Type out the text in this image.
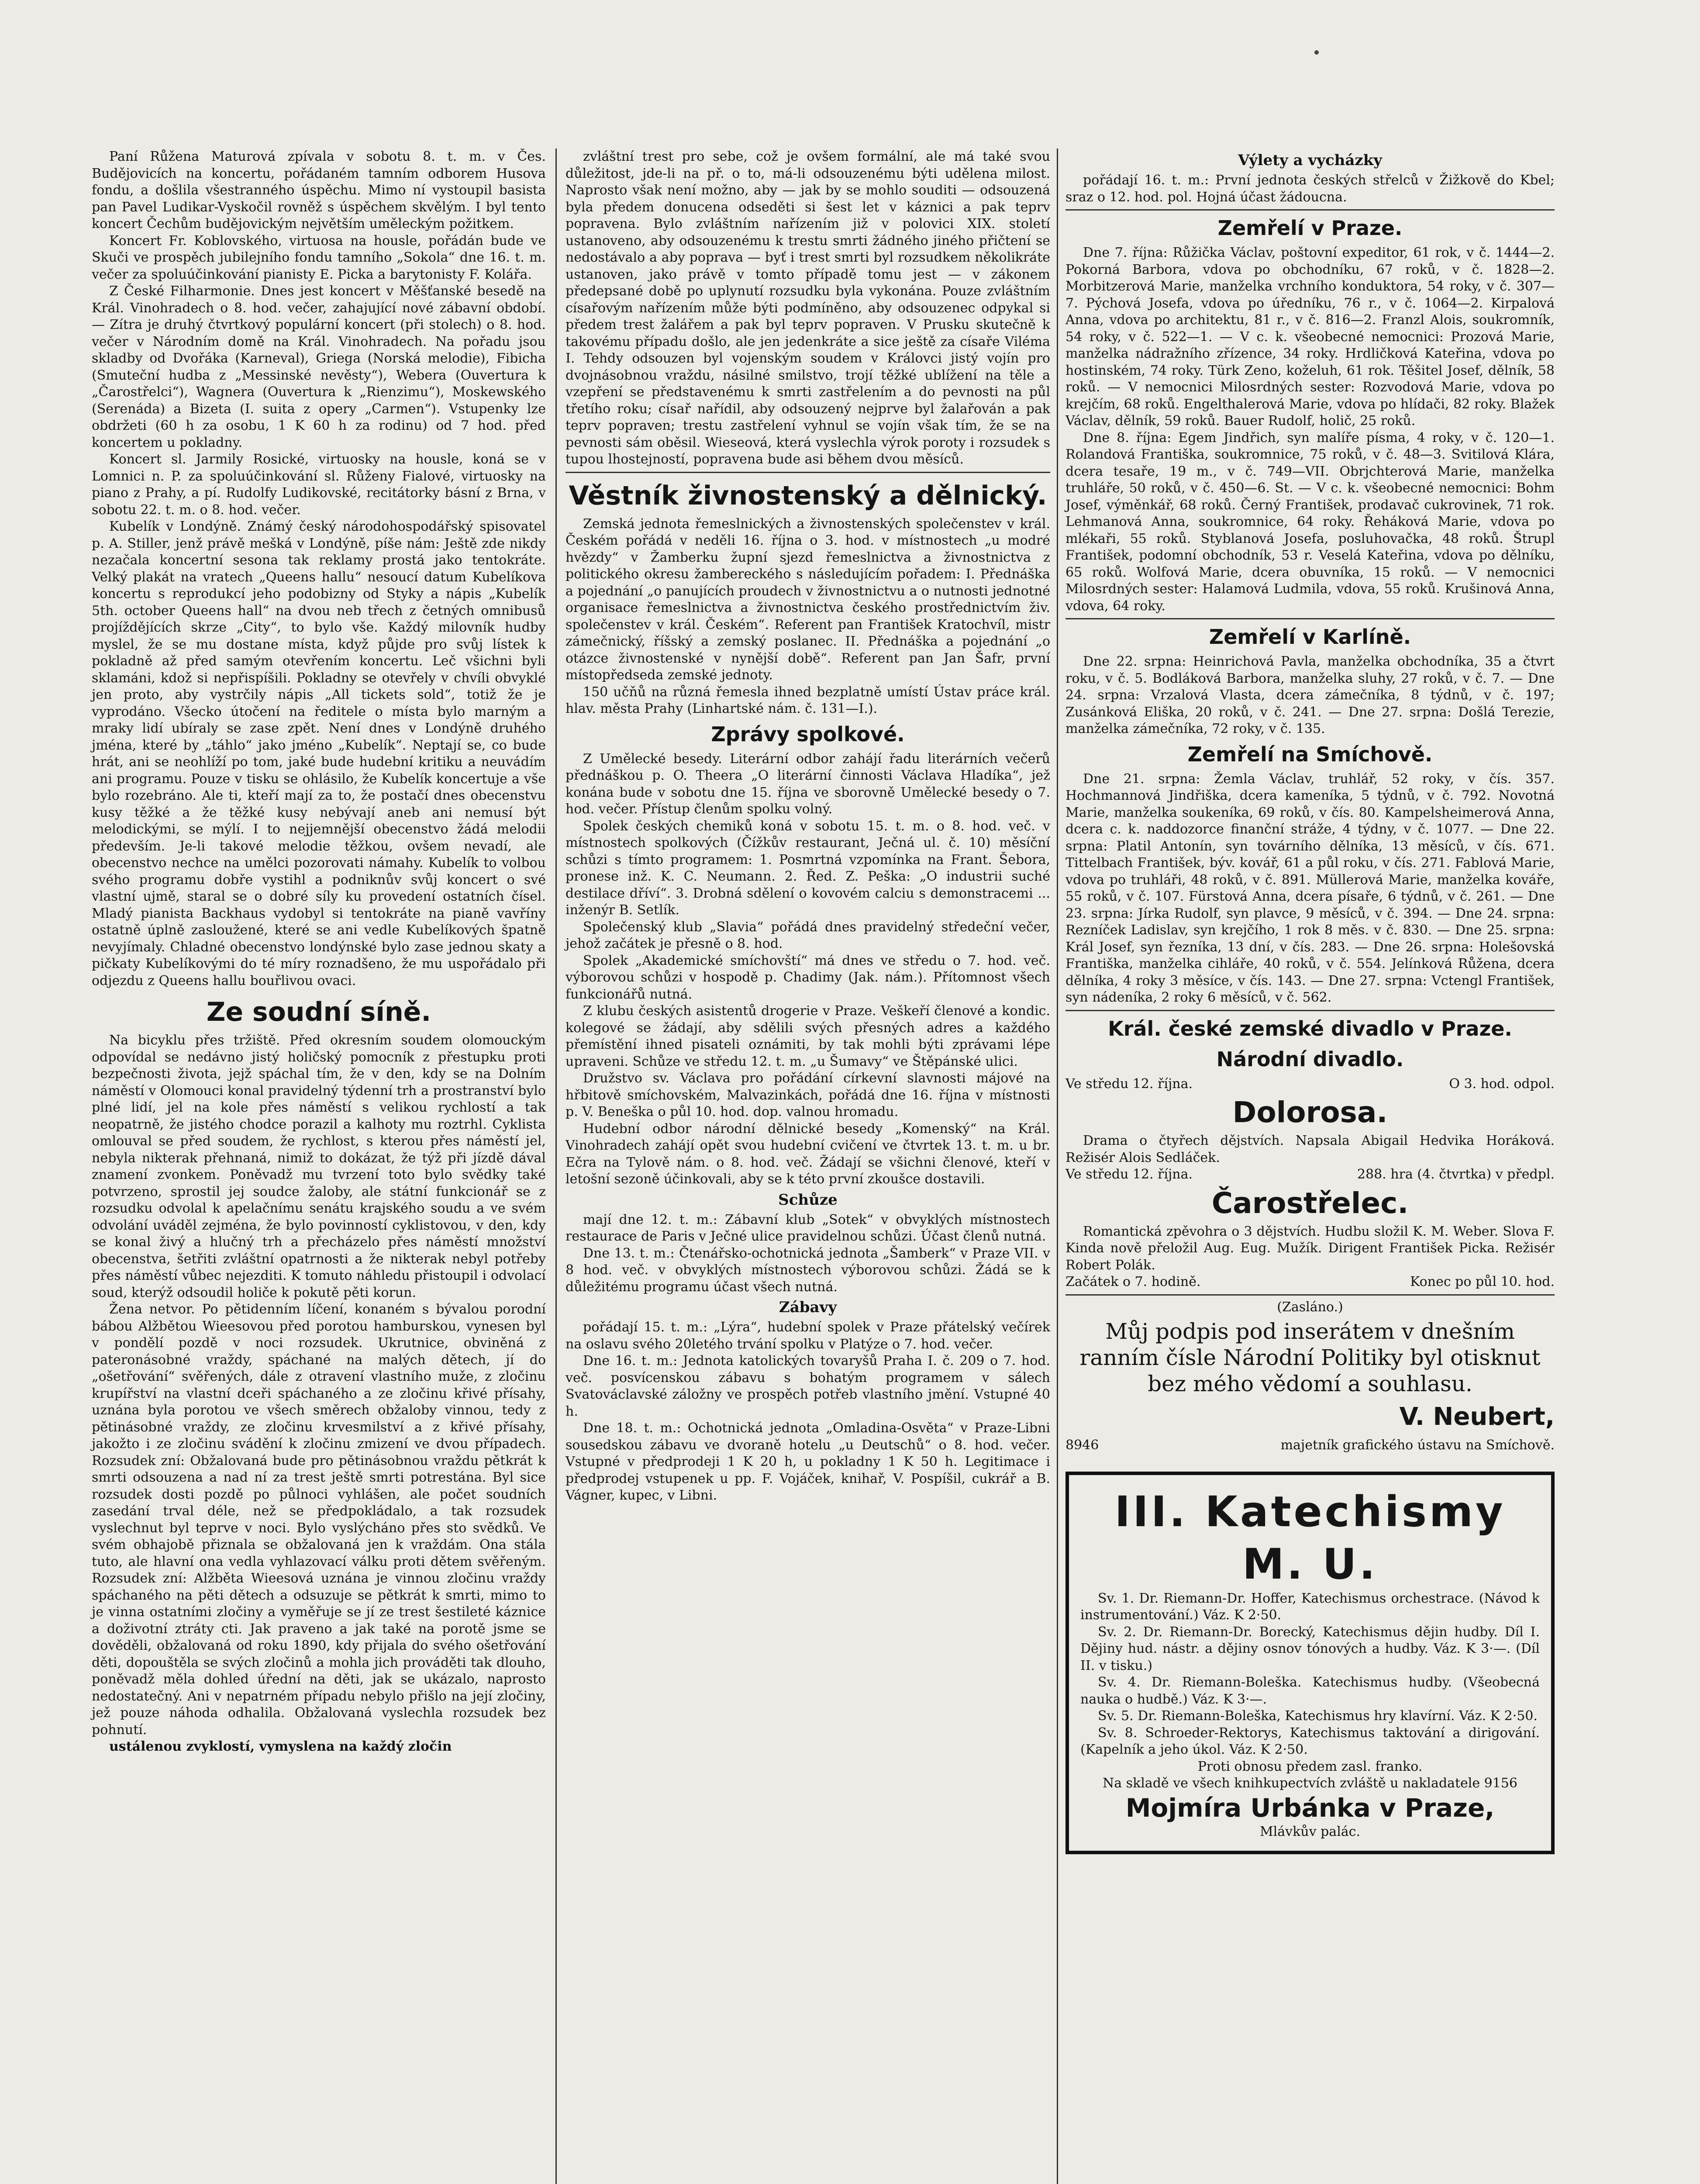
Paní Růžena Maturová zpívala v sobotu 8. t. m. v Čes. Budějovicích na koncertu, pořádaném tamním odborem Husova fondu, a došlila všestranného úspěchu. Mimo ní vystoupil basista pan Pavel Ludikar-Vyskočil rovněž s úspěchem skvělým. I byl tento koncert Čechům budějovickým největším uměleckým požitkem.

Koncert Fr. Koblovského, virtuosa na housle, pořádán bude ve Skuči ve prospěch jubilejního fondu tamního „Sokola“ dne 16. t. m. večer za spoluúčinkování pianisty E. Picka a barytonisty F. Kolářa.

Z České Filharmonie. Dnes jest koncert v Měšťanské besedě na Král. Vinohradech o 8. hod. večer, zahajující nové zábavní období. — Zítra je druhý čtvrtkový populární koncert (při stolech) o 8. hod. večer v Národním domě na Král. Vinohradech. Na pořadu jsou skladby od Dvořáka (Karneval), Griega (Norská melodie), Fibicha (Smuteční hudba z „Messinské nevěsty“), Webera (Ouvertura k „Čarostřelci“), Wagnera (Ouvertura k „Rienzimu“), Moskewského (Serenáda) a Bizeta (I. suita z opery „Carmen“). Vstupenky lze obdržeti (60 h za osobu, 1 K 60 h za rodinu) od 7 hod. před koncertem u pokladny.

Koncert sl. Jarmily Rosické, virtuosky na housle, koná se v Lomnici n. P. za spoluúčinkování sl. Růženy Fialové, virtuosky na piano z Prahy, a pí. Rudolfy Ludikovské, recitátorky básní z Brna, v sobotu 22. t. m. o 8. hod. večer.

Kubelík v Londýně. Známý český národohospodářský spisovatel p. A. Stiller, jenž právě mešká v Londýně, píše nám: Ještě zde nikdy nezačala koncertní sesona tak reklamy prostá jako tentokráte. Velký plakát na vratech „Queens hallu“ nesoucí datum Kubelíkova koncertu s reprodukcí jeho podobizny od Styky a nápis „Kubelík 5th. october Queens hall“ na dvou neb třech z četných omnibusů projíždějících skrze „City“, to bylo vše. Každý milovník hudby myslel, že se mu dostane místa, když půjde pro svůj lístek k pokladně až před samým otevřením koncertu. Leč všichni byli sklamáni, kdož si nepřispíšili. Pokladny se otevřely v chvíli obvyklé jen proto, aby vystrčily nápis „All tickets sold“, totiž že je vyprodáno. Všecko útočení na ředitele o místa bylo marným a mraky lidí ubíraly se zase zpět. Není dnes v Londýně druhého jména, které by „táhlo“ jako jméno „Kubelík“. Neptají se, co bude hrát, ani se neohlíží po tom, jaké bude hudební kritiku a neuvádím ani programu. Pouze v tisku se ohlásilo, že Kubelík koncertuje a vše bylo rozebráno. Ale ti, kteří mají za to, že postačí dnes obecenstvu kusy těžké a že těžké kusy nebývají aneb ani nemusí být melodickými, se mýlí. I to nejjemnější obecenstvo žádá melodii především. Je-li takové melodie těžkou, ovšem nevadí, ale obecenstvo nechce na umělci pozorovati námahy. Kubelík to volbou svého programu dobře vystihl a podniknův svůj koncert o své vlastní ujmě, staral se o dobré síly ku provedení ostatních čísel. Mladý pianista Backhaus vydobyl si tentokráte na pianě vavříny ostatně úplně zasloužené, které se ani vedle Kubelíkových špatně nevyjímaly. Chladné obecenstvo londýnské bylo zase jednou skaty a pičkaty Kubelíkovými do té míry roznadšeno, že mu uspořádalo při odjezdu z Queens hallu bouřlivou ovaci.

Ze soudní síně.

Na bicyklu přes tržiště. Před okresním soudem olomouckým odpovídal se nedávno jistý holičský pomocník z přestupku proti bezpečnosti života, jejž spáchal tím, že v den, kdy se na Dolním náměstí v Olomouci konal pravidelný týdenní trh a prostranství bylo plné lidí, jel na kole přes náměstí s velikou rychlostí a tak neopatrně, že jistého chodce porazil a kalhoty mu roztrhl. Cyklista omlouval se před soudem, že rychlost, s kterou přes náměstí jel, nebyla nikterak přehnaná, nimiž to dokázat, že týž při jízdě dával znamení zvonkem. Poněvadž mu tvrzení toto bylo svědky také potvrzeno, sprostil jej soudce žaloby, ale státní funkcionář se z rozsudku odvolal k apelačnímu senátu krajského soudu a ve svém odvolání uváděl zejména, že bylo povinností cyklistovou, v den, kdy se konal živý a hlučný trh a přecházelo přes náměstí množství obecenstva, šetřiti zvláštní opatrnosti a že nikterak nebyl potřeby přes náměstí vůbec nejezditi. K tomuto náhledu přistoupil i odvolací soud, kterýž odsoudil holiče k pokutě pěti korun.

Žena netvor. Po pětidenním líčení, konaném s bývalou porodní bábou Alžbětou Wieesovou před porotou hamburskou, vynesen byl v pondělí pozdě v noci rozsudek. Ukrutnice, obviněná z pateronásobné vraždy, spáchané na malých dětech, jí do „ošetřování“ svěřených, dále z otravení vlastního muže, z zločinu krupířství na vlastní dceři spáchaného a ze zločinu křivé přísahy, uznána byla porotou ve všech směrech obžaloby vinnou, tedy z pětinásobné vraždy, ze zločinu krvesmilství a z křivé přísahy, jakožto i ze zločinu svádění k zločinu zmizení ve dvou případech. Rozsudek zní: Obžalovaná bude pro pětinásobnou vraždu pětkrát k smrti odsouzena a nad ní za trest ještě smrti potrestána. Byl sice rozsudek dosti pozdě po půlnoci vyhlášen, ale počet soudních zasedání trval déle, než se předpokládalo, a tak rozsudek vyslechnut byl teprve v noci. Bylo vyslýcháno přes sto svědků. Ve svém obhajobě přiznala se obžalovaná jen k vraždám. Ona stála tuto, ale hlavní ona vedla vyhlazovací válku proti dětem svěřeným. Rozsudek zní: Alžběta Wieesová uznána je vinnou zločinu vraždy spáchaného na pěti dětech a odsuzuje se pětkrát k smrti, mimo to je vinna ostatními zločiny a vyměřuje se jí ze trest šestileté káznice a doživotní ztráty cti. Jak praveno a jak také na porotě jsme se dověděli, obžalovaná od roku 1890, kdy přijala do svého ošetřování děti, dopouštěla se svých zločinů a mohla jich prováděti tak dlouho, poněvadž měla dohled úřední na děti, jak se ukázalo, naprosto nedostatečný. Ani v nepatrném případu nebylo přišlo na její zločiny, jež pouze náhoda odhalila. Obžalovaná vyslechla rozsudek bez pohnutí.

ustálenou zvyklostí, vymyslena na každý zločin

zvláštní trest pro sebe, což je ovšem formální, ale má také svou důležitost, jde-li na př. o to, má-li odsouzenému býti udělena milost. Naprosto však není možno, aby — jak by se mohlo souditi — odsouzená byla předem donucena odseděti si šest let v káznici a pak teprv popravena. Bylo zvláštním nařízením již v polovici XIX. století ustanoveno, aby odsouzenému k trestu smrti žádného jiného přičtení se nedostávalo a aby poprava — byť i trest smrti byl rozsudkem několikráte ustanoven, jako právě v tomto případě tomu jest — v zákonem předepsané době po uplynutí rozsudku byla vykonána. Pouze zvláštním císařovým nařízením může býti podmíněno, aby odsouzenec odpykal si předem trest žalářem a pak byl teprv popraven. V Prusku skutečně k takovému případu došlo, ale jen jedenkráte a sice ještě za císaře Viléma I. Tehdy odsouzen byl vojenským soudem v Královci jistý vojín pro dvojnásobnou vraždu, násilné smilstvo, trojí těžké ublížení na těle a vzepření se představenému k smrti zastřelením a do pevnosti na půl třetího roku; císař nařídil, aby odsouzený nejprve byl žalařován a pak teprv popraven; trestu zastřelení vyhnul se vojín však tím, že se na pevnosti sám oběsil. Wieseová, která vyslechla výrok poroty i rozsudek s tupou lhostejností, popravena bude asi během dvou měsíců.

Věstník živnostenský a dělnický.

Zemská jednota řemeslnických a živnostenských společenstev v král. Českém pořádá v neděli 16. října o 3. hod. v místnostech „u modré hvězdy“ v Žamberku župní sjezd řemeslnictva a živnostnictva z politického okresu žambereckého s následujícím pořadem: I. Přednáška a pojednání „o panujících proudech v živnostnictvu a o nutnosti jednotné organisace řemeslnictva a živnostnictva českého prostřednictvím živ. společenstev v král. Českém“. Referent pan František Kratochvíl, mistr zámečnický, říšský a zemský poslanec. II. Přednáška a pojednání „o otázce živnostenské v nynější době“. Referent pan Jan Šafr, první místopředseda zemské jednoty.

150 učňů na různá řemesla ihned bezplatně umístí Ústav práce král. hlav. města Prahy (Linhartské nám. č. 131—I.).

Zprávy spolkové.

Z Umělecké besedy. Literární odbor zahájí řadu literárních večerů přednáškou p. O. Theera „O literární činnosti Václava Hladíka“, jež konána bude v sobotu dne 15. října ve sborovně Umělecké besedy o 7. hod. večer. Přístup členům spolku volný.

Spolek českých chemiků koná v sobotu 15. t. m. o 8. hod. več. v místnostech spolkových (Čížkův restaurant, Ječná ul. č. 10) měsíční schůzi s tímto programem: 1. Posmrtná vzpomínka na Frant. Šebora, pronese inž. K. C. Neumann. 2. Řed. Z. Peška: „O industrii suché destilace dříví“. 3. Drobná sdělení o kovovém calciu s demonstracemi ... inženýr B. Setlík.

Společenský klub „Slavia“ pořádá dnes pravidelný středeční večer, jehož začátek je přesně o 8. hod.

Spolek „Akademické smíchovští“ má dnes ve středu o 7. hod. več. výborovou schůzi v hospodě p. Chadimy (Jak. nám.). Přítomnost všech funkcionářů nutná.

Z klubu českých asistentů drogerie v Praze. Veškeří členové a kondic. kolegové se žádají, aby sdělili svých přesných adres a každého přemístění ihned pisateli oznámiti, by tak mohli býti zprávami lépe upraveni. Schůze ve středu 12. t. m. „u Šumavy“ ve Štěpánské ulici.

Družstvo sv. Václava pro pořádání církevní slavnosti májové na hřbitově smíchovském, Malvazinkách, pořádá dne 16. října v místnosti p. V. Beneška o půl 10. hod. dop. valnou hromadu.

Hudební odbor národní dělnické besedy „Komenský“ na Král. Vinohradech zahájí opět svou hudební cvičení ve čtvrtek 13. t. m. u br. Ečra na Tylově nám. o 8. hod. več. Žádají se všichni členové, kteří v letošní sezoně účinkovali, aby se k této první zkoušce dostavili.

Schůze

mají dne 12. t. m.: Zábavní klub „Sotek“ v obvyklých místnostech restaurace de Paris v Ječné ulice pravidelnou schůzi. Účast členů nutná.

Dne 13. t. m.: Čtenářsko-ochotnická jednota „Šamberk“ v Praze VII. v 8 hod. več. v obvyklých místnostech výborovou schůzi. Žádá se k důležitému programu účast všech nutná.

Zábavy

pořádají 15. t. m.: „Lýra“, hudební spolek v Praze přátelský večírek na oslavu svého 20letého trvání spolku v Platýze o 7. hod. večer.

Dne 16. t. m.: Jednota katolických tovaryšů Praha I. č. 209 o 7. hod. več. posvícenskou zábavu s bohatým programem v sálech Svatováclavské záložny ve prospěch potřeb vlastního jmění. Vstupné 40 h.

Dne 18. t. m.: Ochotnická jednota „Omladina-Osvěta“ v Praze-Libni sousedskou zábavu ve dvoraně hotelu „u Deutschů“ o 8. hod. večer. Vstupné v předprodeji 1 K 20 h, u pokladny 1 K 50 h. Legitimace i předprodej vstupenek u pp. F. Vojáček, knihař, V. Pospíšil, cukrář a B. Vágner, kupec, v Libni.

Výlety a vycházky

pořádají 16. t. m.: První jednota českých střelců v Žižkově do Kbel; sraz o 12. hod. pol. Hojná účast žádoucna.

Zemřelí v Praze.

Dne 7. října: Růžička Václav, poštovní expeditor, 61 rok, v č. 1444—2. Pokorná Barbora, vdova po obchodníku, 67 roků, v č. 1828—2. Morbitzerová Marie, manželka vrchního konduktora, 54 roky, v č. 307—7. Pýchová Josefa, vdova po úředníku, 76 r., v č. 1064—2. Kirpalová Anna, vdova po architektu, 81 r., v č. 816—2. Franzl Alois, soukromník, 54 roky, v č. 522—1. — V c. k. všeobecné nemocnici: Prozová Marie, manželka nádražního zřízence, 34 roky. Hrdličková Kateřina, vdova po hostinském, 74 roky. Türk Zeno, koželuh, 61 rok. Těšitel Josef, dělník, 58 roků. — V nemocnici Milosrdných sester: Rozvodová Marie, vdova po krejčím, 68 roků. Engelthalerová Marie, vdova po hlídači, 82 roky. Blažek Václav, dělník, 59 roků. Bauer Rudolf, holič, 25 roků.

Dne 8. října: Egem Jindřich, syn malíře písma, 4 roky, v č. 120—1. Rolandová Františka, soukromnice, 75 roků, v č. 48—3. Svitilová Klára, dcera tesaře, 19 m., v č. 749—VII. Obrjchterová Marie, manželka truhláře, 50 roků, v č. 450—6. St. — V c. k. všeobecné nemocnici: Bohm Josef, výměnkář, 68 roků. Černý František, prodavač cukrovinek, 71 rok. Lehmanová Anna, soukromnice, 64 roky. Řeháková Marie, vdova po mlékaři, 55 roků. Styblanová Josefa, posluhovačka, 48 roků. Štrupl František, podomní obchodník, 53 r. Veselá Kateřina, vdova po dělníku, 65 roků. Wolfová Marie, dcera obuvníka, 15 roků. — V nemocnici Milosrdných sester: Halamová Ludmila, vdova, 55 roků. Krušinová Anna, vdova, 64 roky.

Zemřelí v Karlíně.

Dne 22. srpna: Heinrichová Pavla, manželka obchodníka, 35 a čtvrt roku, v č. 5. Bodláková Barbora, manželka sluhy, 27 roků, v č. 7. — Dne 24. srpna: Vrzalová Vlasta, dcera zámečníka, 8 týdnů, v č. 197; Zusánková Eliška, 20 roků, v č. 241. — Dne 27. srpna: Došlá Terezie, manželka zámečníka, 72 roky, v č. 135.

Zemřelí na Smíchově.

Dne 21. srpna: Žemla Václav, truhlář, 52 roky, v čís. 357. Hochmannová Jindřiška, dcera kameníka, 5 týdnů, v č. 792. Novotná Marie, manželka soukeníka, 69 roků, v čís. 80. Kampelsheimerová Anna, dcera c. k. naddozorce finanční stráže, 4 týdny, v č. 1077. — Dne 22. srpna: Platil Antonín, syn továrního dělníka, 13 měsíců, v čís. 671. Tittelbach František, býv. kovář, 61 a půl roku, v čís. 271. Fablová Marie, vdova po truhláři, 48 roků, v č. 891. Müllerová Marie, manželka kováře, 55 roků, v č. 107. Fürstová Anna, dcera písaře, 6 týdnů, v č. 261. — Dne 23. srpna: Jírka Rudolf, syn plavce, 9 měsíců, v č. 394. — Dne 24. srpna: Rezníček Ladislav, syn krejčího, 1 rok 8 měs. v č. 830. — Dne 25. srpna: Král Josef, syn řezníka, 13 dní, v čís. 283. — Dne 26. srpna: Holešovská Františka, manželka cihláře, 40 roků, v č. 554. Jelínková Růžena, dcera dělníka, 4 roky 3 měsíce, v čís. 143. — Dne 27. srpna: Vctengl František, syn nádeníka, 2 roky 6 měsíců, v č. 562.

Král. české zemské divadlo v Praze.
Národní divadlo.
Ve středu 12. října.	O 3. hod. odpol.
Dolorosa.

Drama o čtyřech dějstvích. Napsala Abigail Hedvika Horáková. Režisér Alois Sedláček.

Ve středu 12. října.	288. hra (4. čtvrtka) v předpl.
Čarostřelec.

Romantická zpěvohra o 3 dějstvích. Hudbu složil K. M. Weber. Slova F. Kinda nově přeložil Aug. Eug. Mužík. Dirigent František Picka. Režisér Robert Polák.

Začátek o 7. hodině.	Konec po půl 10. hod.
(Zasláno.)
Můj podpis pod inserátem v dnešním ranním čísle Národní Politiky byl otisknut bez mého vědomí a souhlasu.
V. Neubert,
8946	majetník grafického ústavu na Smíchově.
III. Katechismy M. U.

Sv. 1. Dr. Riemann-Dr. Hoffer, Katechismus orchestrace. (Návod k instrumentování.) Váz. K 2·50.

Sv. 2. Dr. Riemann-Dr. Borecký, Katechismus dějin hudby. Díl I. Dějiny hud. nástr. a dějiny osnov tónových a hudby. Váz. K 3·—. (Díl II. v tisku.)

Sv. 4. Dr. Riemann-Boleška. Katechismus hudby. (Všeobecná nauka o hudbě.) Váz. K 3·—.

Sv. 5. Dr. Riemann-Boleška, Katechismus hry klavírní. Váz. K 2·50.

Sv. 8. Schroeder-Rektorys, Katechismus taktování a dirigování. (Kapelník a jeho úkol. Váz. K 2·50.

Proti obnosu předem zasl. franko.
Na skladě ve všech knihkupectvích zvláště u nakladatele 9156
Mojmíra Urbánka v Praze,
Mlávkův palác.
